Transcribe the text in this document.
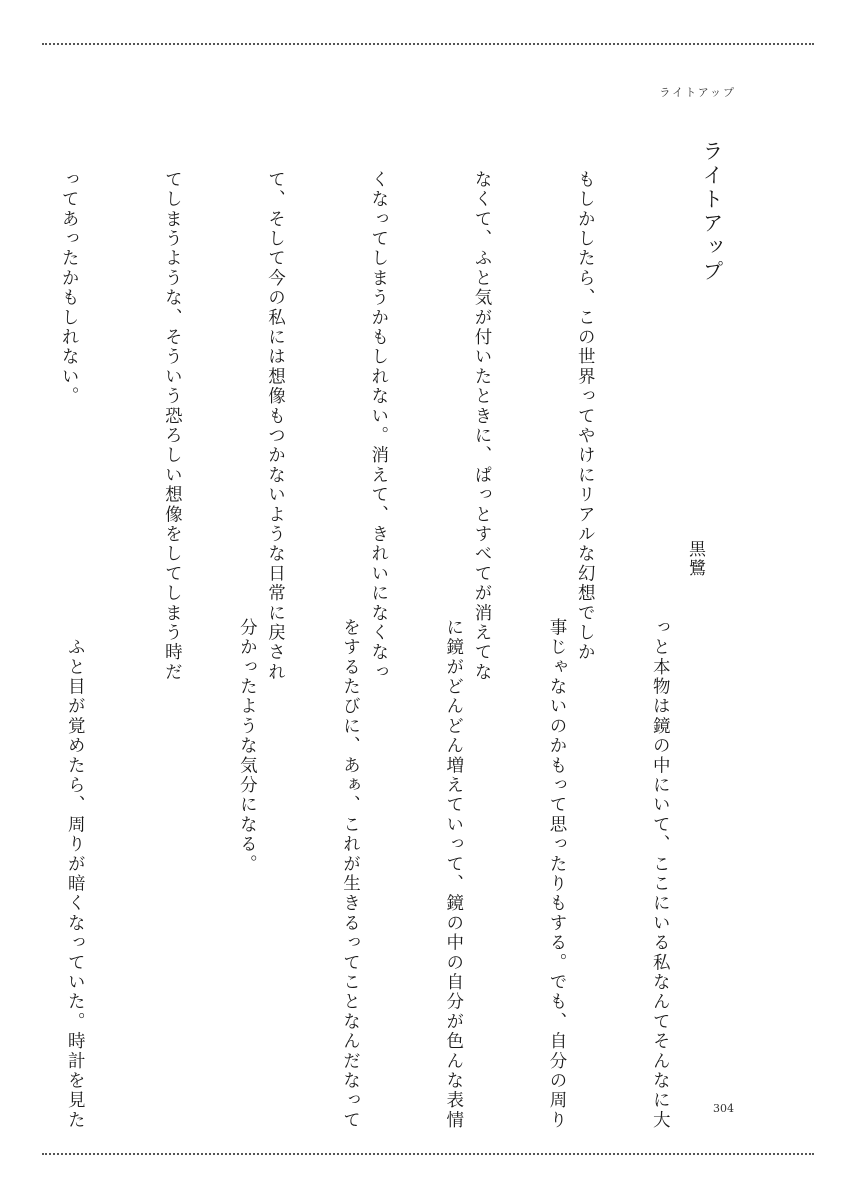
ライトアップ
ライトアップ
黒鷺

もしかしたら、この世界ってやけにリアルな幻想でしか

なくて、ふと気が付いたときに、ぱっとすべてが消えてな

くなってしまうかもしれない。消えて、きれいになくなっ

て、そして今の私には想像もつかないような日常に戻され

てしまうような、そういう恐ろしい想像をしてしまう時だ

ってあったかもしれない。

っと本物は鏡の中にいて、ここにいる私なんてそんなに大

事じゃないのかもって思ったりもする。でも、自分の周り

に鏡がどんどん増えていって、鏡の中の自分が色んな表情

をするたびに、あぁ、これが生きるってことなんだなって

分かったような気分になる。

　ふと目が覚めたら、周りが暗くなっていた。時計を見た

	304
